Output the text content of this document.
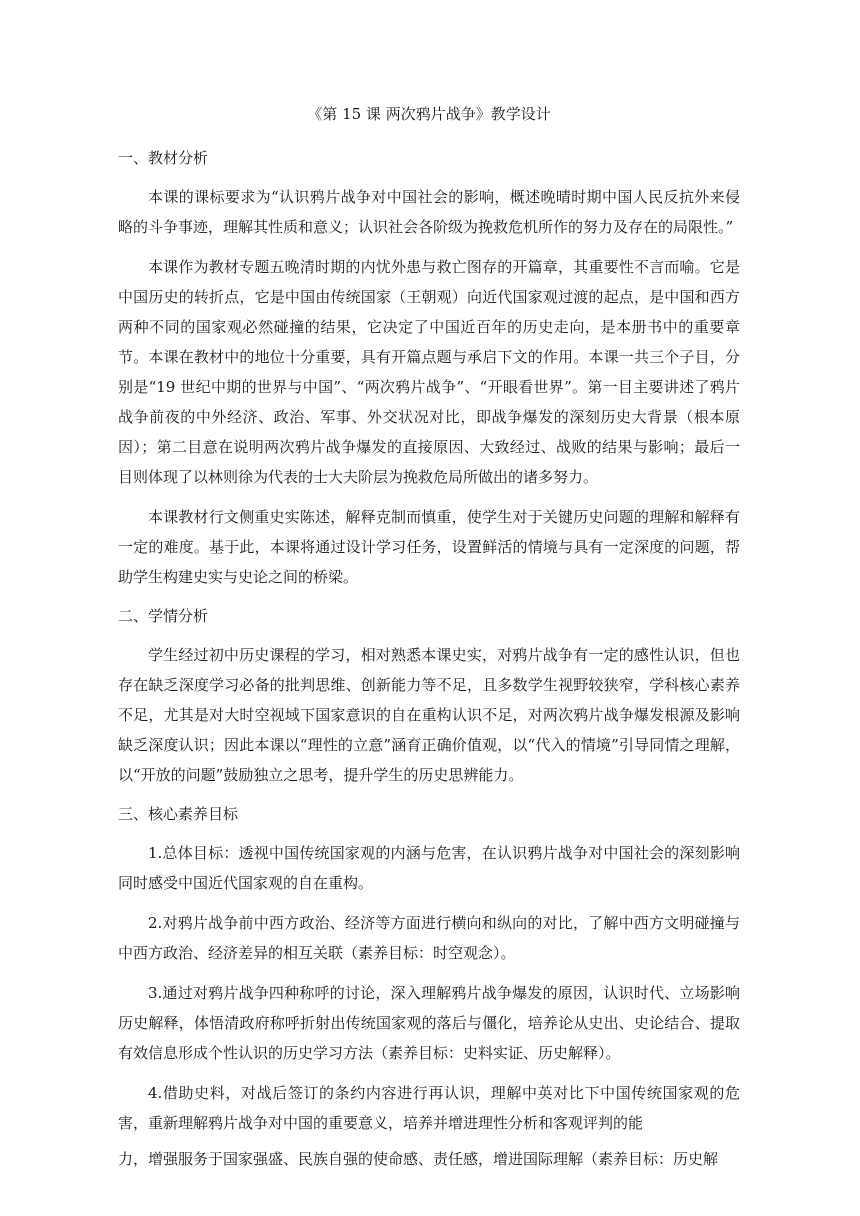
《第 15 课 两次鸦片战争》教学设计
一、教材分析

本课的课标要求为“认识鸦片战争对中国社会的影响，概述晚晴时期中国人民反抗外来侵略的斗争事迹，理解其性质和意义；认识社会各阶级为挽救危机所作的努力及存在的局限性。”

本课作为教材专题五晚清时期的内忧外患与救亡图存的开篇章，其重要性不言而喻。它是中国历史的转折点，它是中国由传统国家（王朝观）向近代国家观过渡的起点，是中国和西方两种不同的国家观必然碰撞的结果，它决定了中国近百年的历史走向，是本册书中的重要章节。本课在教材中的地位十分重要，具有开篇点题与承启下文的作用。本课一共三个子目，分别是“19 世纪中期的世界与中国”、“两次鸦片战争”、“开眼看世界”。第一目主要讲述了鸦片战争前夜的中外经济、政治、军事、外交状况对比，即战争爆发的深刻历史大背景（根本原因）；第二目意在说明两次鸦片战争爆发的直接原因、大致经过、战败的结果与影响；最后一目则体现了以林则徐为代表的士大夫阶层为挽救危局所做出的诸多努力。

本课教材行文侧重史实陈述，解释克制而慎重，使学生对于关键历史问题的理解和解释有一定的难度。基于此，本课将通过设计学习任务，设置鲜活的情境与具有一定深度的问题，帮助学生构建史实与史论之间的桥梁。

二、学情分析

学生经过初中历史课程的学习，相对熟悉本课史实，对鸦片战争有一定的感性认识，但也存在缺乏深度学习必备的批判思维、创新能力等不足，且多数学生视野较狭窄，学科核心素养不足，尤其是对大时空视域下国家意识的自在重构认识不足，对两次鸦片战争爆发根源及影响缺乏深度认识；因此本课以“理性的立意”涵育正确价值观，以“代入的情境”引导同情之理解，以“开放的问题”鼓励独立之思考，提升学生的历史思辨能力。

三、核心素养目标

1.总体目标：透视中国传统国家观的内涵与危害，在认识鸦片战争对中国社会的深刻影响同时感受中国近代国家观的自在重构。

2.对鸦片战争前中西方政治、经济等方面进行横向和纵向的对比，了解中西方文明碰撞与中西方政治、经济差异的相互关联（素养目标：时空观念）。

3.通过对鸦片战争四种称呼的讨论，深入理解鸦片战争爆发的原因，认识时代、立场影响历史解释，体悟清政府称呼折射出传统国家观的落后与僵化，培养论从史出、史论结合、提取有效信息形成个性认识的历史学习方法（素养目标：史料实证、历史解释）。

4.借助史料，对战后签订的条约内容进行再认识，理解中英对比下中国传统国家观的危害，重新理解鸦片战争对中国的重要意义，培养并增进理性分析和客观评判的能

力，增强服务于国家强盛、民族自强的使命感、责任感，增进国际理解（素养目标：历史解
